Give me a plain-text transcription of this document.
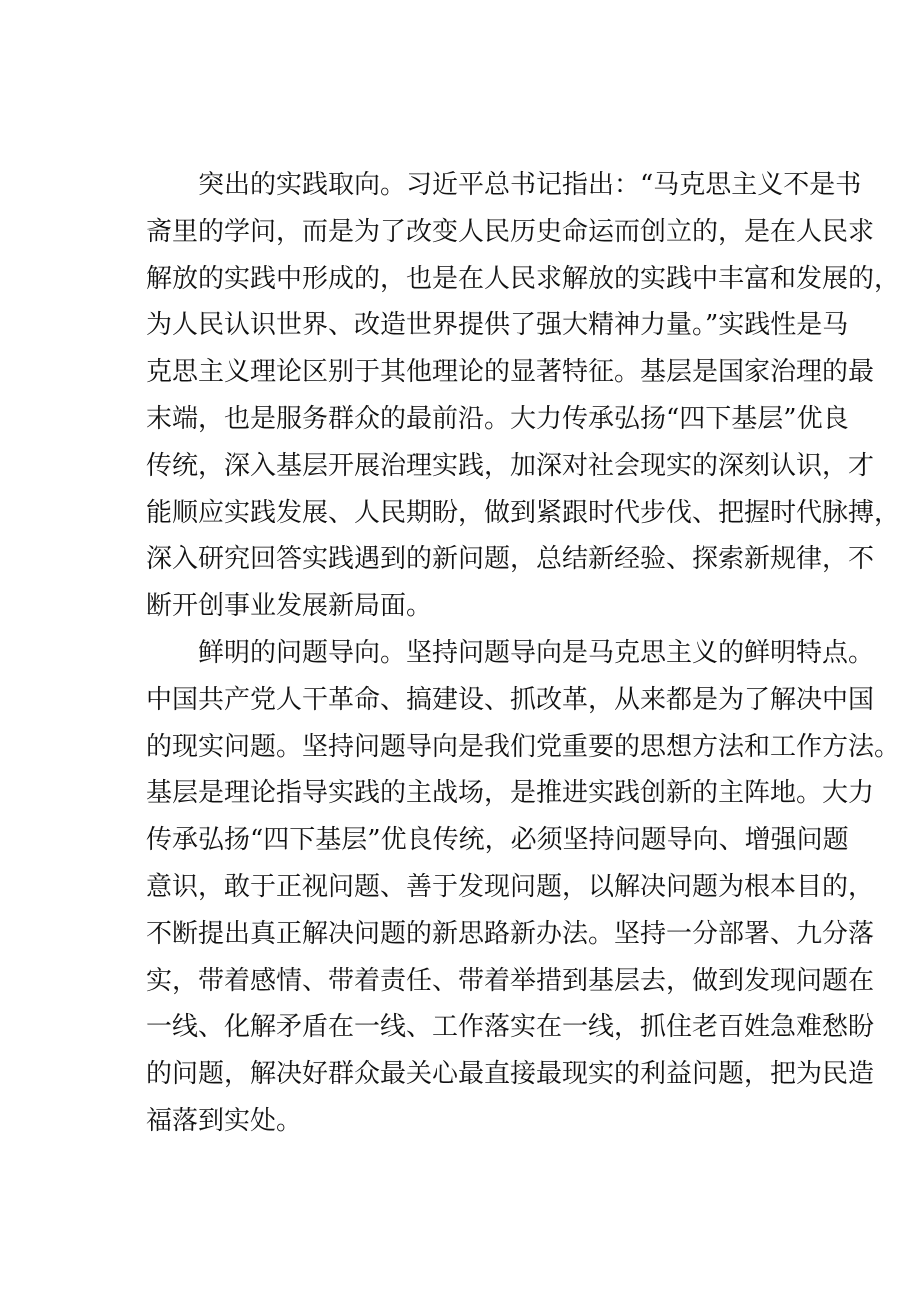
突出的实践取向。习近平总书记指出：“马克思主义不是书
斋里的学问，而是为了改变人民历史命运而创立的，是在人民求
解放的实践中形成的，也是在人民求解放的实践中丰富和发展的，
为人民认识世界、改造世界提供了强大精神力量。”实践性是马
克思主义理论区别于其他理论的显著特征。基层是国家治理的最
末端，也是服务群众的最前沿。大力传承弘扬“四下基层”优良
传统，深入基层开展治理实践，加深对社会现实的深刻认识，才
能顺应实践发展、人民期盼，做到紧跟时代步伐、把握时代脉搏，
深入研究回答实践遇到的新问题，总结新经验、探索新规律，不
断开创事业发展新局面。
鲜明的问题导向。坚持问题导向是马克思主义的鲜明特点。
中国共产党人干革命、搞建设、抓改革，从来都是为了解决中国
的现实问题。坚持问题导向是我们党重要的思想方法和工作方法。
基层是理论指导实践的主战场，是推进实践创新的主阵地。大力
传承弘扬“四下基层”优良传统，必须坚持问题导向、增强问题
意识，敢于正视问题、善于发现问题，以解决问题为根本目的，
不断提出真正解决问题的新思路新办法。坚持一分部署、九分落
实，带着感情、带着责任、带着举措到基层去，做到发现问题在
一线、化解矛盾在一线、工作落实在一线，抓住老百姓急难愁盼
的问题，解决好群众最关心最直接最现实的利益问题，把为民造
福落到实处。
